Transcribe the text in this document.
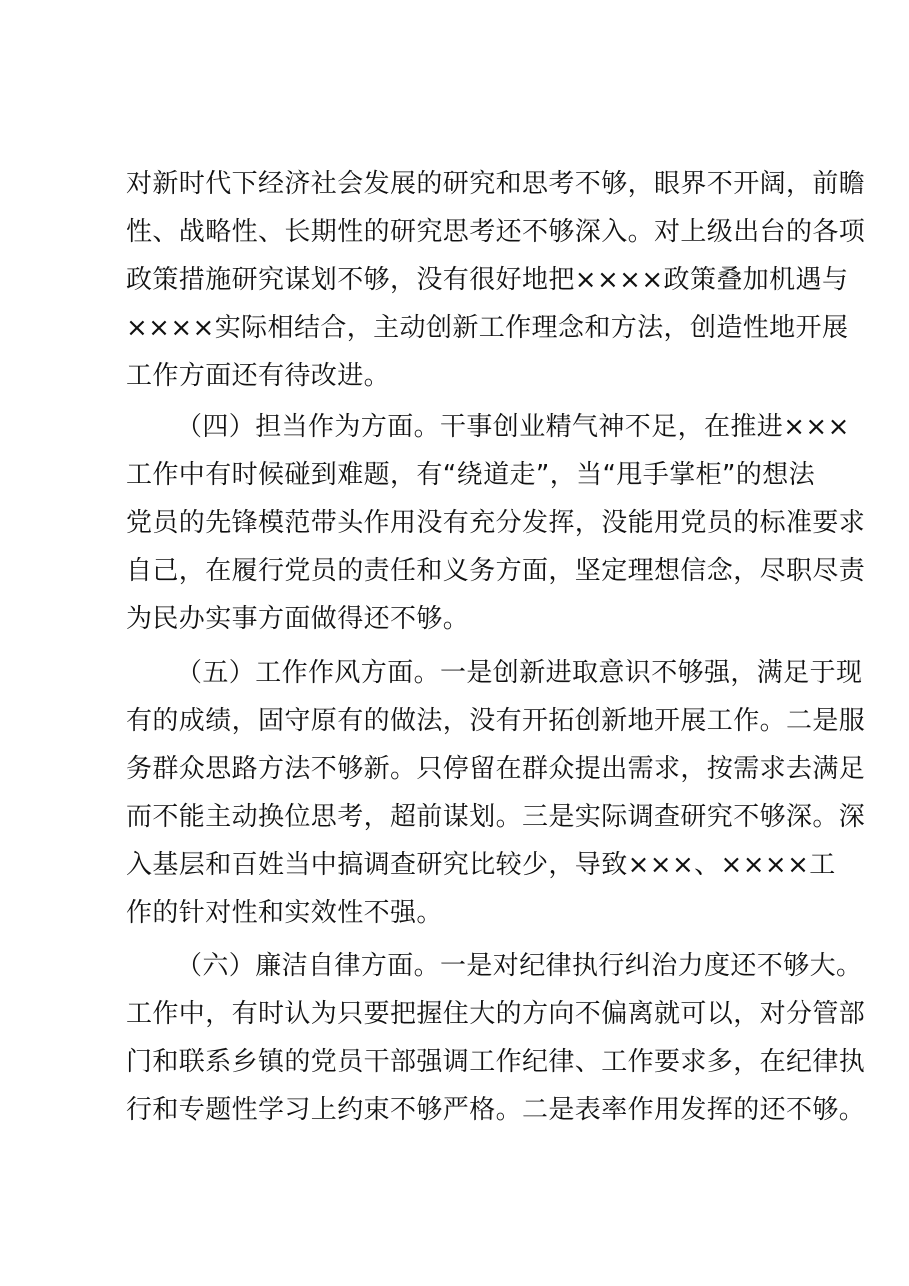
对新时代下经济社会发展的研究和思考不够，眼界不开阔，前瞻
性、战略性、长期性的研究思考还不够深入。对上级出台的各项
政策措施研究谋划不够，没有很好地把××××政策叠加机遇与
××××实际相结合，主动创新工作理念和方法，创造性地开展
工作方面还有待改进。
（四）担当作为方面。干事创业精气神不足，在推进×××
工作中有时候碰到难题，有“绕道走”，当“甩手掌柜”的想法
党员的先锋模范带头作用没有充分发挥，没能用党员的标准要求
自己，在履行党员的责任和义务方面，坚定理想信念，尽职尽责
为民办实事方面做得还不够。
（五）工作作风方面。一是创新进取意识不够强，满足于现
有的成绩，固守原有的做法，没有开拓创新地开展工作。二是服
务群众思路方法不够新。只停留在群众提出需求，按需求去满足
而不能主动换位思考，超前谋划。三是实际调查研究不够深。深
入基层和百姓当中搞调查研究比较少，导致×××、××××工
作的针对性和实效性不强。
（六）廉洁自律方面。一是对纪律执行纠治力度还不够大。
工作中，有时认为只要把握住大的方向不偏离就可以，对分管部
门和联系乡镇的党员干部强调工作纪律、工作要求多，在纪律执
行和专题性学习上约束不够严格。二是表率作用发挥的还不够。
